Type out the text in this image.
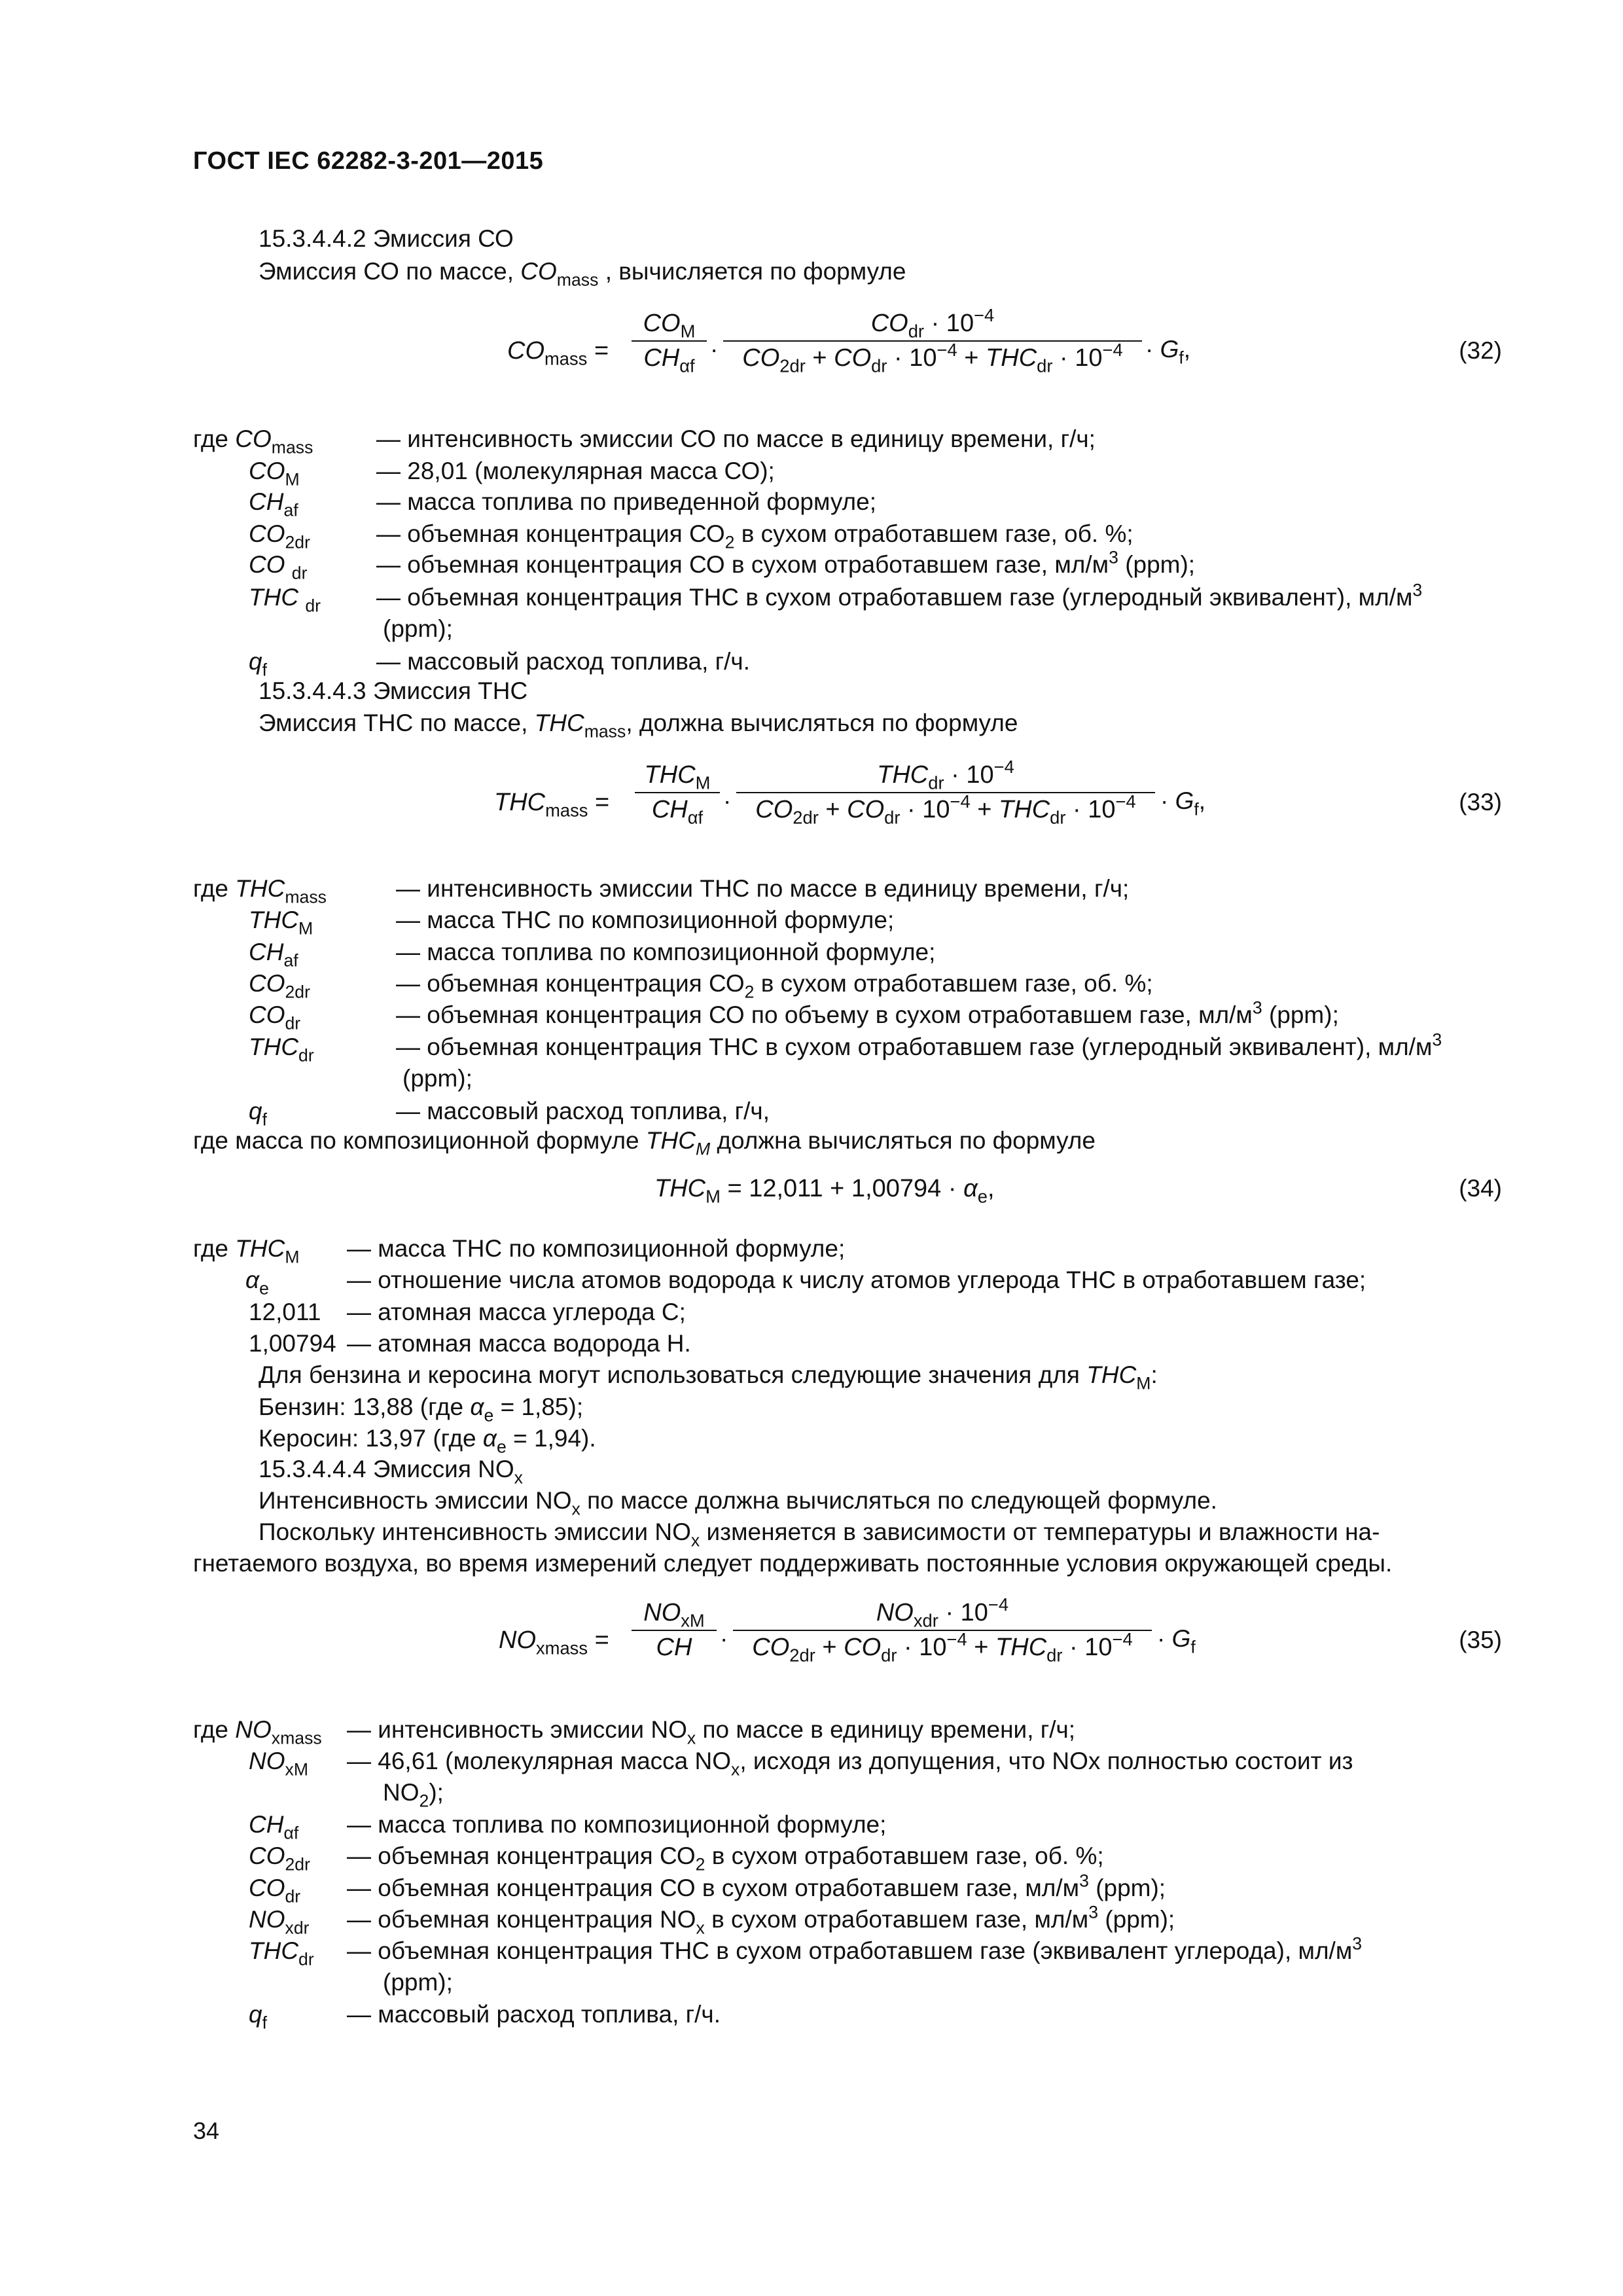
ГОСТ IEC 62282-3-201—2015
15.3.4.4.2 Эмиссия СО
Эмиссия СО по массе, $CO_{mass}$ , вычисляется по формуле
$CO_{mass}$ =
$CO_M$
$CH_{\alpha f}$
·
$CO_{dr} \cdot 10^{-4}$
$CO_{2dr} + CO_{dr} \cdot 10^{-4} + THC_{dr} \cdot 10^{-4} \cdot G_f$,	(32)
где $CO_{mass}$	— интенсивность эмиссии СО по массе в единицу времени, г/ч;
$CO_M$	— 28,01 (молекулярная масса СО);
$CH_{af}$	— масса топлива по приведенной формуле;
$CO_{2dr}$	— объемная концентрация $СО_2$ в сухом отработавшем газе, об. %;
CO $_{dr}$	— объемная концентрация СО в сухом отработавшем газе, $мл/м^3$ (ppm);
THC $_{dr}$ — объемная концентрация ТНС в сухом отработавшем газе (углеродный эквивалент), $мл/м^3$
(ppm);
$q_f$	— массовый расход топлива, г/ч.
15.3.4.4.3 Эмиссия ТНС
Эмиссия ТНС по массе, $THC_{mass}$, должна вычисляться по формуле
$THC_{mass}$ =
$THC_M$
$CH_{\alpha f}$
·
$THC_{dr} \cdot 10^{-4}$
$CO_{2dr} + CO_{dr} \cdot 10^{-4} + THC_{dr} \cdot 10^{-4}$	· $G_f$,	(33)
где $THC_{mass}$	— интенсивность эмиссии ТНС по массе в единицу времени, г/ч;
$THC_M$	— масса ТНС по композиционной формуле;
$CH_{af}$	— масса топлива по композиционной формуле;
$CO_{2dr}$	— объемная концентрация $СО_2$ в сухом отработавшем газе, об. %;
$CO_{dr}$	— объемная концентрация СО по объему в сухом отработавшем газе, $мл/м^3$ (ppm);
$THC_{dr}$	— объемная концентрация ТНС в сухом отработавшем газе (углеродный эквивалент), $мл/м^3$
(ppm);
$q_f$	— массовый расход топлива, г/ч,
где масса по композиционной формуле $THC_M$ должна вычисляться по формуле
$THC_M = 12,011 + 1,00794 \cdot \alpha_e$,	(34)
где $THC_M$ — масса ТНС по композиционной формуле;
$\alpha_e$	— отношение числа атомов водорода к числу атомов углерода ТНС в отработавшем газе;
12,011 — атомная масса углерода С;
1,00794 — атомная масса водорода Н.
Для бензина и керосина могут использоваться следующие значения для $THC_M$:
Бензин: 13,88 (где $\alpha_e = 1,85$);
Керосин: 13,97 (где $\alpha_e = 1,94$).
15.3.4.4.4 Эмиссия $NO_x$
Интенсивность эмиссии $NO_x$ по массе должна вычисляться по следующей формуле.
Поскольку интенсивность эмиссии $NO_x$ изменяется в зависимости от температуры и влажности на-
гнетаемого воздуха, во время измерений следует поддерживать постоянные условия окружающей среды.
$NO_{xmass}$ =
$NO_{xM}$
CH	·
$NO_{xdr} \cdot 10^{-4}$
$CO_{2dr} + CO_{dr} \cdot 10^{-4} + THC_{dr} \cdot 10^{-4}$	· $G_f$	(35)
где $NO_{xmass}$ — интенсивность эмиссии $NO_x$ по массе в единицу времени, г/ч;
$NO_{xM}$ — 46,61 (молекулярная масса $NO_x$, исходя из допущения, что NOx полностью состоит из
$NO_2$);
$CH_{\alpha f}$ — масса топлива по композиционной формуле;
$CO_{2dr}$ — объемная концентрация $СО_2$ в сухом отработавшем газе, об. %;
$CO_{dr}$ — объемная концентрация СО в сухом отработавшем газе, $мл/м^3$ (ppm);
$NO_{xdr}$ — объемная концентрация $NO_x$ в сухом отработавшем газе, $мл/м^3$ (ppm);
$THC_{dr}$ — объемная концентрация ТНС в сухом отработавшем газе (эквивалент углерода), $мл/м^3$
(ppm);
$q_f$	— массовый расход топлива, г/ч.
34
